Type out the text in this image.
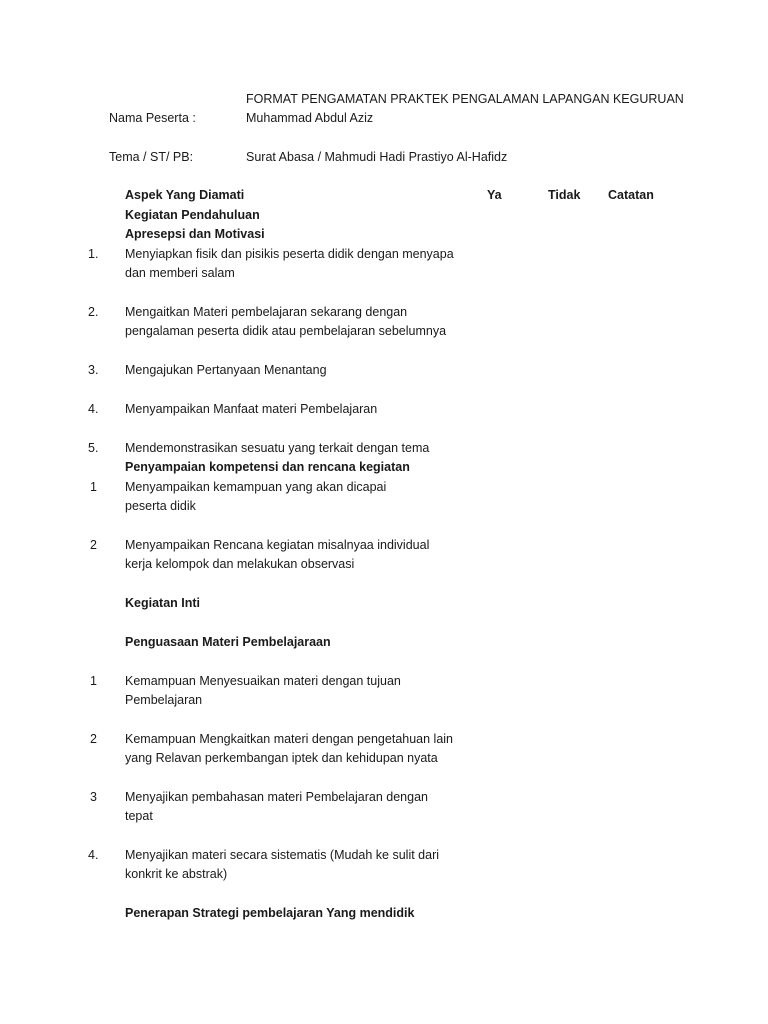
FORMAT PENGAMATAN PRAKTEK PENGALAMAN LAPANGAN KEGURUAN
Nama Peserta :	Muhammad Abdul Aziz
Tema / ST/ PB:	Surat Abasa / Mahmudi Hadi Prastiyo Al-Hafidz
Aspek Yang Diamati	Ya	Tidak Catatan
Kegiatan Pendahuluan
Apresepsi dan Motivasi
1. Menyiapkan fisik dan pisikis peserta didik dengan menyapa
dan memberi salam
2. Mengaitkan Materi pembelajaran sekarang dengan
pengalaman peserta didik atau pembelajaran sebelumnya
3. Mengajukan Pertanyaan Menantang
4. Menyampaikan Manfaat materi Pembelajaran
5. Mendemonstrasikan sesuatu yang terkait dengan tema
Penyampaian kompetensi dan rencana kegiatan
1 Menyampaikan kemampuan yang akan dicapai
peserta didik
2 Menyampaikan Rencana kegiatan misalnyaa individual
kerja kelompok dan melakukan observasi
Kegiatan Inti
Penguasaan Materi Pembelajaraan
1 Kemampuan Menyesuaikan materi dengan tujuan
Pembelajaran
2 Kemampuan Mengkaitkan materi dengan pengetahuan lain
yang Relavan perkembangan iptek dan kehidupan nyata
3 Menyajikan pembahasan materi Pembelajaran dengan
tepat
4. Menyajikan materi secara sistematis (Mudah ke sulit dari
konkrit ke abstrak)
Penerapan Strategi pembelajaran Yang mendidik
